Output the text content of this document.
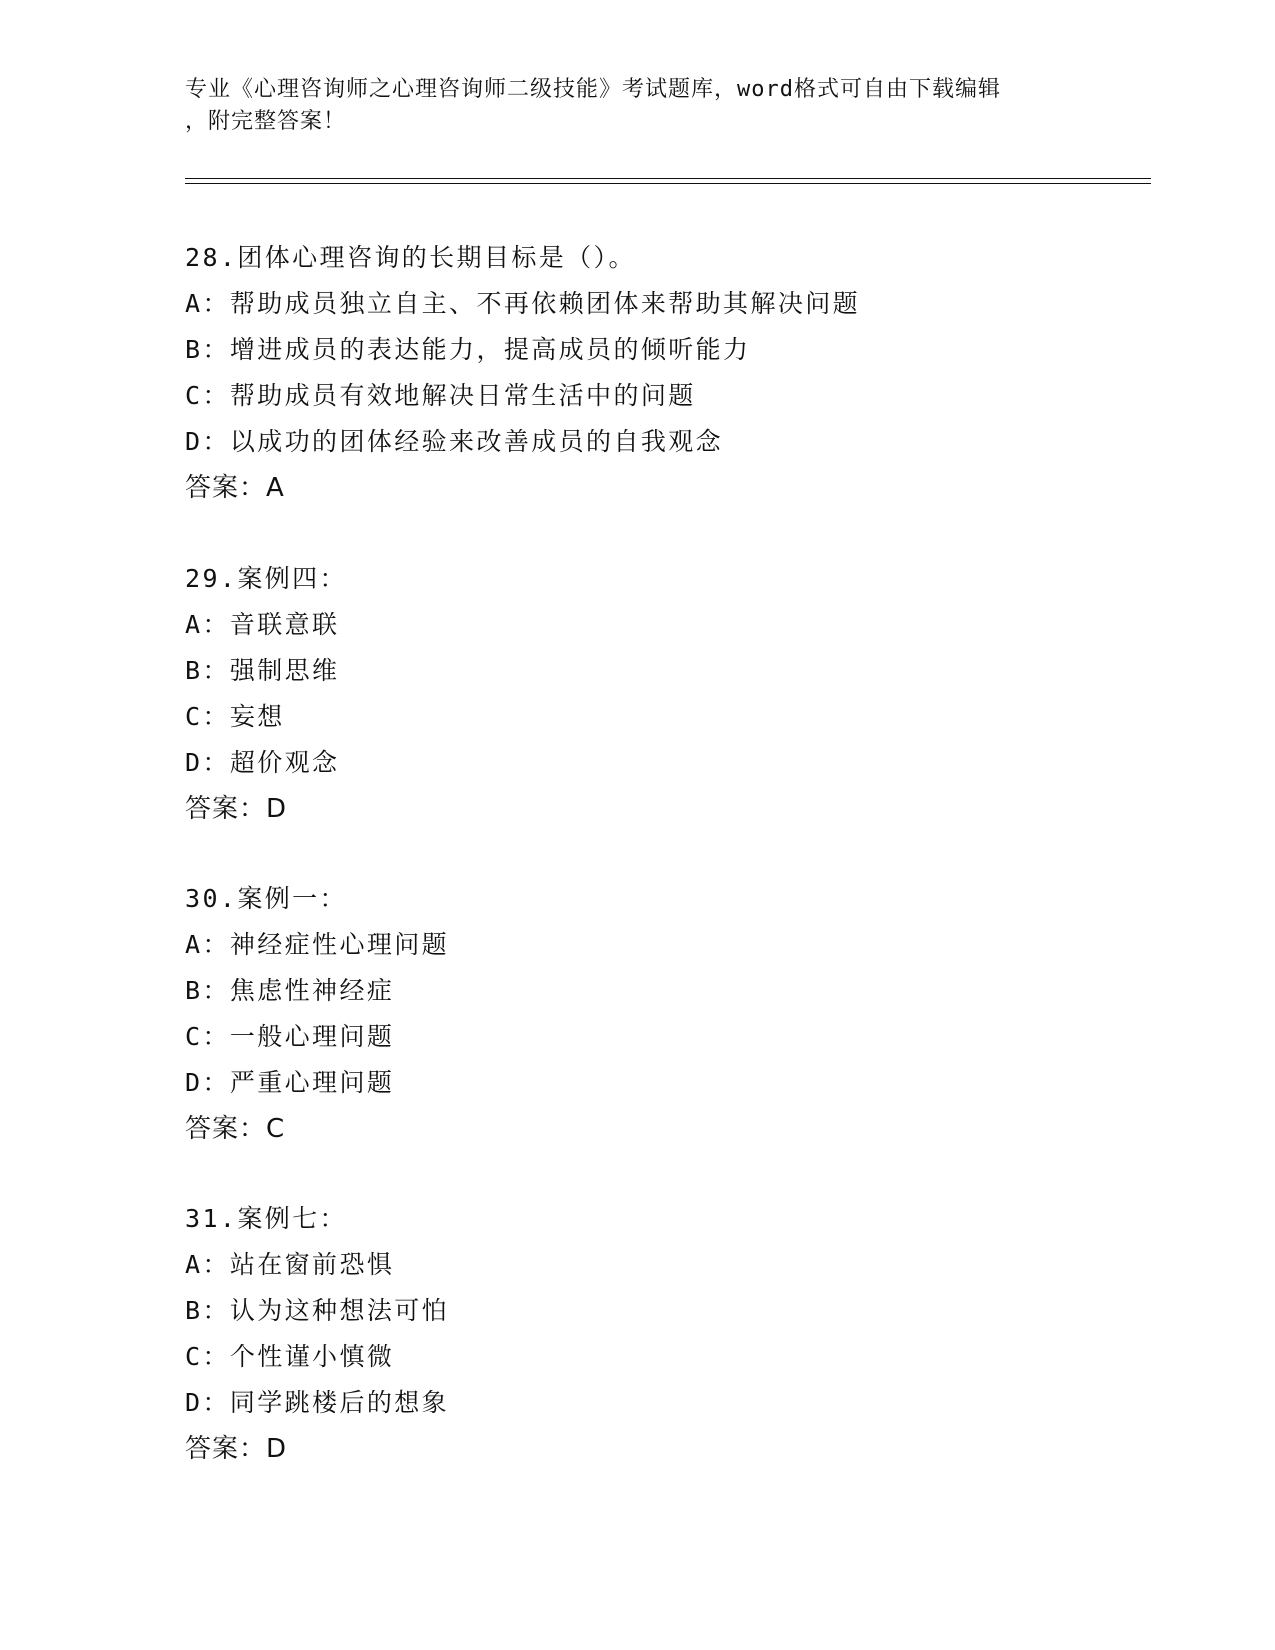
专业《心理咨询师之心理咨询师二级技能》考试题库，word格式可自由下载编辑
，附完整答案！
28.团体心理咨询的长期目标是（）。
A：帮助成员独立自主、不再依赖团体来帮助其解决问题
B：增进成员的表达能力，提高成员的倾听能力
C：帮助成员有效地解决日常生活中的问题
D：以成功的团体经验来改善成员的自我观念
答案：A
29.案例四：
A：音联意联
B：强制思维
C：妄想
D：超价观念
答案：D
30.案例一：
A：神经症性心理问题
B：焦虑性神经症
C：一般心理问题
D：严重心理问题
答案：C
31.案例七：
A：站在窗前恐惧
B：认为这种想法可怕
C：个性谨小慎微
D：同学跳楼后的想象
答案：D
